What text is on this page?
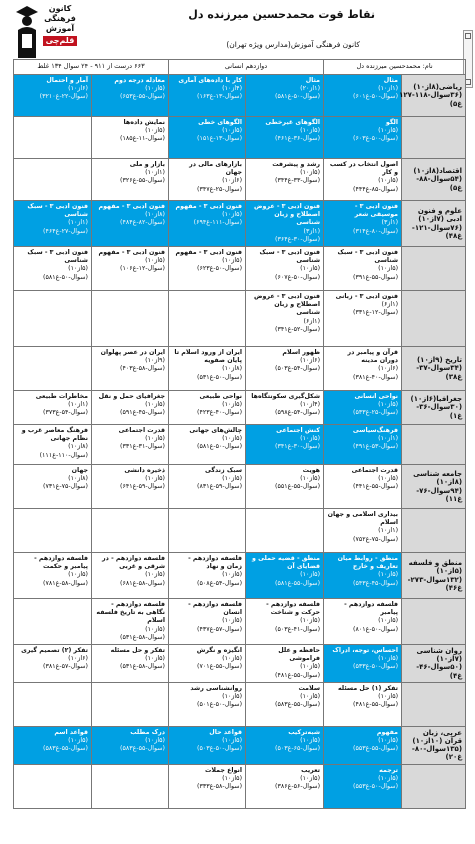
کانون
فرهنگی
آموزش
قلم‌چی
نقاط قوت محمدحسین میرزنده دل
کانون فرهنگی آموزش(مدارس ویژه تهران)
نام: محمدحسین میرزنده دل		دوازدهم انسانی		۶۶۳ درست از ۹۱۱ - ۲۴ سوال ۱۳۴ غلط	
ریاضی(۸از۱۰) (۳۶سوال‌-۱۱۸-۱۲۷ غ‌۵)	مثال
(۱از۱۰)
(۶۰سوال‌-۵۰-غ۱)	مثال
(۱از۲۰)
(۵۸سوال‌-۵۰-غ۱)	کار با داده‌های آماری
(۴از۱۰)
(۱۶سوال‌-۱۳-غ۳)	معادله درجه دوم
(۵از۱۰)
(۶۵سوال‌-۵۵-غ۳)	آمار و احتمال
(۶از۱۰)
(۳۲سوال‌-۲۲-غ۱۰)

	الگو
(۵از۱۰)
(۶۰سوال‌-۵۰-غ۳)	الگوهای غیرخطی
(۵از۱۰)
(۴۶سوال‌-۳۶-غ۱)	الگوهای خطی
(۵از۱۰)
(۱۵سوال‌-۱۳-غ۱)	نمایش داده‌ها
(۵از۱۰)
(۱۸سوال‌-۱۱-غ۵)	

اقتصاد(۸از۱۰) (۵۴سوال‌-۸۸-غ۵)	اصول انتخاب در کسب و کار
(۵از۱۰)
(۴۴سوال‌-۸۵-غ۴)	رشد و پیشرفت
(۵از۱۰)
(۳۴سوال‌-۳۳-غ۴)	بازارهای مالی در جهان
(۶از۱۰)
(۳۴سوال‌-۲۵-غ۷)	بازار و ملی
(۱از۱۰)
(۳۲سوال‌-۵۵-غ۶)	

علوم و فنون ادبی (۷از۱۰) (۷۶سوال‌-۱۲۱-غ۴۸)	فنون ادبی ۳ - موسیقی شعر
(۱از۳)
(۳۱سوال‌-۸۰-غ۴)	فنون ادبی ۳ - عروض اصطلاح و زبان شناسی
(۱از۳)
(۳۶سوال‌-۳۰-غ۴)	فنون ادبی ۳ - مفهوم
(۵از۱۰)
(۶۹سوال‌-۱۱۱-غ۴)	فنون ادبی ۳ - مفهوم
(۸از۱۰)
(۴۸سوال‌-۸۲-غ۴)	فنون ادبی ۳ - سبک شناسی
(۱از۱۰)
(۴۶سوال‌-۲۷-غ۴)

	فنون ادبی ۳ - سبک شناسی
(۵از۱۰)
(۳۹سوال‌-۵۵-غ۱)	فنون ادبی ۳ - سبک شناسی
(۵از۱۰)
(۶۰سوال‌-۵۰-غ۷)	فنون ادبی ۳ - مفهوم
(۵از۱۰)
(۶۲سوال‌-۵۰-غ۳)	فنون ادبی ۳ - مفهوم
(۵از۱۰)
(۱۰سوال‌-۱۲-غ۶)	فنون ادبی ۳ - سبک شناسی
(۵از۱۰)
(۵۸سوال‌-۵۰-غ۱)

	فنون ادبی ۳ - زبانی
(۱از۶)
(۳۳سوال‌-۱۲-غ۱)	فنون ادبی ۳ - عروض اصطلاح و زبان شناسی
(۱از۶)
(۳۴سوال‌-۵۲-غ۱)			

تاریخ (۹از۱۰) (۳۴سوال‌-۳۷-غ۳۸)	قرآن و پیامبر در دوران مدینه
(۶از۱۰)
(۳۸سوال‌-۴۰-غ۱)	ظهور اسلام
(۶از۱۰)
(۵۰سوال‌-۵۴-غ۳)	ایران از ورود اسلام تا پایان صفویه
(۸از۱۰)
(۵۳سوال‌-۵۰-غ۱)	ایران در عصر پهلوان
(۹از۱۰)
(۴۰سوال‌-۵۸-غ۳)	

جغرافیا(۶از۱۰) (۳۰سوال‌-۳۶-غ۱)	نواحی انسانی
(۵از۱۰)
(۵۳سوال‌-۲۵-غ۳)	شکل‌گیری سکونتگاه‌ها
(۴از۱۰)
(۵۹سوال‌-۵۴-غ۸)	نواحی طبیعی
(۵از۱۰)
(۴۲سوال‌-۴۰-غ۳)	جغرافیای حمل و نقل
(۵از۱۰)
(۵۹سوال‌-۴۵-غ۱)	مخاطرات طبیعی
(۱از۱۰)
(۳۷سوال‌-۵۴-غ۳)

	فرهنگ‌سیاسی
(۱از۱۰)
(۴۹سوال‌-۵۳-غ۱)	کنش اجتماعی
(۵از۱۰)
(۳۴سوال‌-۳۰-غ۱)	چالش‌های جهانی
(۵از۱۰)
(۵۸سوال‌-۵۰-غ۱)	قدرت اجتماعی
(۵از۱۰)
(۳۳سوال‌-۳۱-غ۱)	فرهنگ معاصر غرب و نظام جهانی
(۸از۱۰)
(۱۱سوال‌-۱۱۰-غ۱)

جامعه شناسی (۸از۱۰) (۹۴سوال‌-۷۶-غ۱۱)	قدرت اجتماعی
(۵از۱۰)
(۴۴سوال‌-۵۵-غ۱)	هویت
(۵از۱۰)
(۵۵سوال‌-۵۵-غ۱)	سبک زندگی
(۵از۱۰)
(۸۳سوال‌-۵۹-غ۱)	ذخیره دانشی
(۵از۱۰)
(۶۴سوال‌-۵۹-غ۱)	جهان
(۸از۱۰)
(۷۳سوال‌-۷۵-غ۱)

	بیداری اسلامی و جهان اسلام
(۱از۱۰)
(۷۵سوال‌-۷۵-غ۲)				

منطق و فلسفه (۵از۱۰) (۱۳۲سوال‌-۲۷۳-غ۴۶)	منطق - روابط میان تعاریف و خارج
(۵از۱۰)
(۵۴سوال‌-۴۵-غ۳)	منطق - قضیه حملی و قضایای آن
(۵از۱۰)
(۵۸سوال‌-۵۵-غ۱)	فلسفه دوازدهم - زمان و نهاد
(۵از۱۰)
(۵۰سوال‌-۵۴-غ۸)	فلسفه دوازدهم - در شرقی و غربی
(۵از۱۰)
(۶۸سوال‌-۵۸-غ۱)	فلسفه دوازدهم - پیامبر و حکمت
(۵از۱۰)
(۷۸سوال‌-۵۸-غ۱)

	فلسفه دوازدهم - پیامبر
(۵از۱۰)
(۸۰سوال‌-۵۰-غ۱)	فلسفه دوازدهم - حرکت و شناخت
(۵از۱۰)
(۵۰سوال‌-۴۱-غ۳)	فلسفه دوازدهم - انسان
(۵از۱۰)
(۴۳سوال‌-۵۷-غ۷)	فلسفه دوازدهم - نگاهی به تاریخ فلسفه اسلام
(۵از۱۰)
(۵۳سوال‌-۵۸-غ۱)	

روان شناسی (۷از۱۰) (۵۰سوال‌-۴۶-غ۴)	احساس، توجه، ادراک
(۵از۱۰)
(۵۳سوال‌-۵۰-غ۳)	حافظه و علل فراموشی
(۵از۱۰)
(۴۸سوال‌-۵۵-غ۱)	انگیزه و نگرش
(۵از۱۰)
(۷۰سوال‌-۵۵-غ۱)	تفکر و حل مسئله
(۵از۱۰)
(۵۳سوال‌-۵۸-غ۱)	تفکر (۲) تصمیم گیری
(۶از۱۰)
(۳۸سوال‌-۵۷-غ۱)

	تفکر (۱) حل مسئله
(۵از۱۰)
(۴۸سوال‌-۵۵-غ۱)	سلامت
(۵از۱۰)
(۵۸سوال‌-۵۵-غ۳)	روانشناسی رشد
(۵از۱۰)
(۵۰سوال‌-۵۰-غ۱)		

عربی، زبان قرآن (۱۰از۱۰) (۱۳۵سوال‌-۸۰-غ۲۰)	مفهوم
(۵از۱۰)
(۵۵سوال‌-۵۵-غ۳)	شبه‌ترکیب
(۵از۱۰)
(۵۰سوال‌-۶۵-غ۳)	قواعد حال
(۵از۱۰)
(۵۰سوال‌-۵۰-غ۳)	درک مطلب
(۵از۱۰)
(۵۸سوال‌-۵۵-غ۳)	قواعد اسم
(۵از۱۰)
(۵۸سوال‌-۵۵-غ۳)

	ترجمه
(۵از۱۰)
(۵۵سوال‌-۵۰-غ۳)	تعریب
(۵از۱۰)
(۳۸سوال‌-۵۶-غ۶)	انواع جملات
(۵از۱۰)
(۳۳سوال‌-۵۸-غ۳)		
